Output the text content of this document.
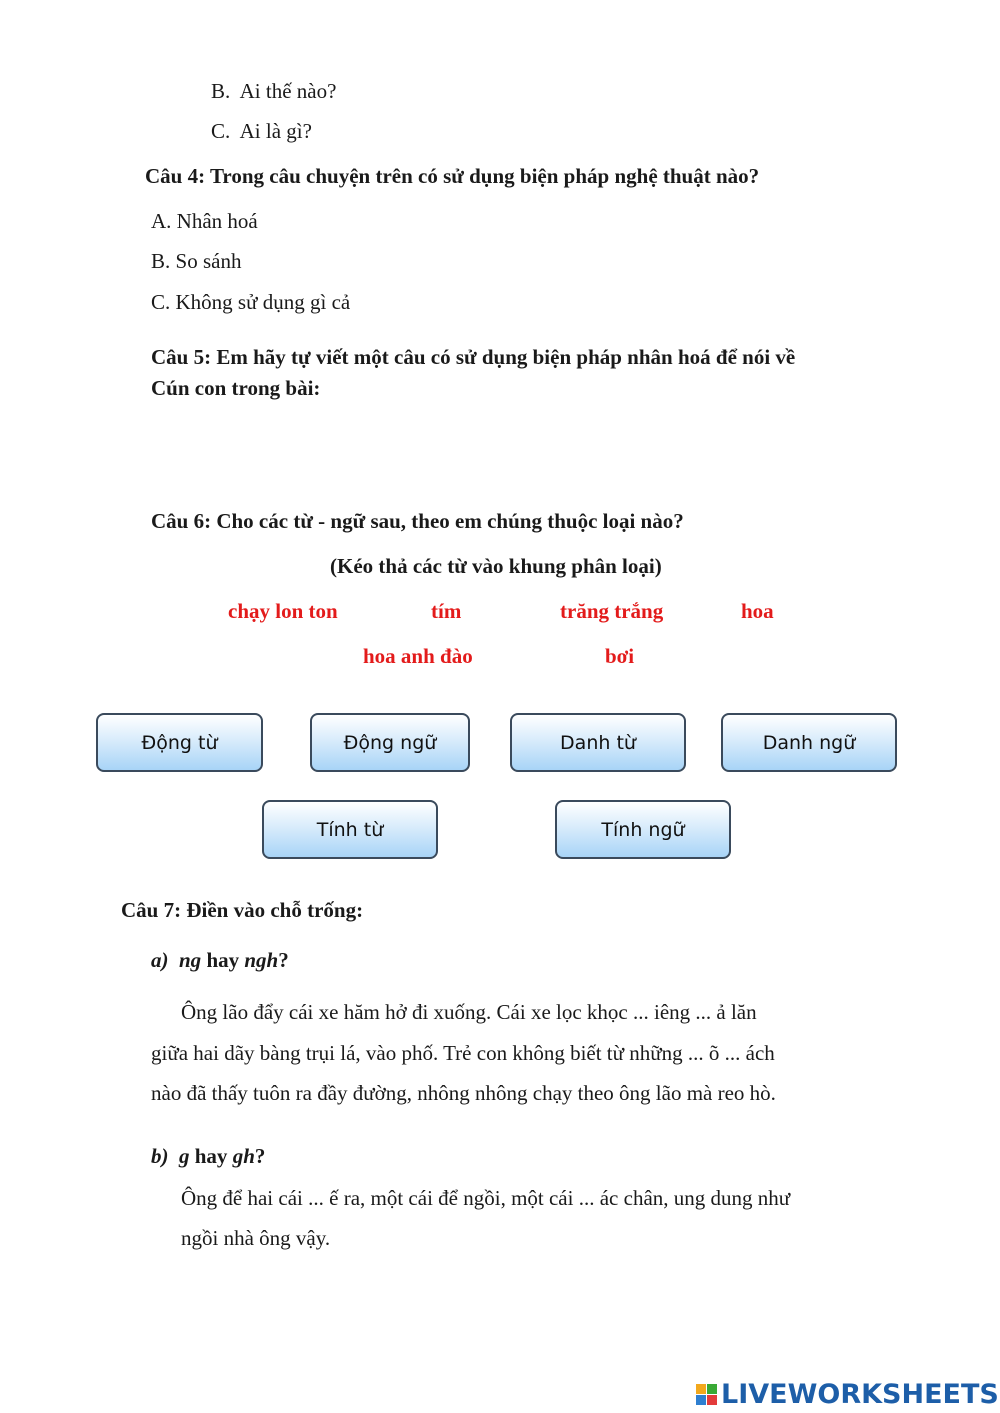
B. Ai thế nào?
C. Ai là gì?
Câu 4: Trong câu chuyện trên có sử dụng biện pháp nghệ thuật nào?
A. Nhân hoá
B. So sánh
C. Không sử dụng gì cả
Câu 5: Em hãy tự viết một câu có sử dụng biện pháp nhân hoá để nói về
Cún con trong bài:
Câu 6: Cho các từ - ngữ sau, theo em chúng thuộc loại nào?
(Kéo thả các từ vào khung phân loại)
chạy lon ton	tím	trăng trắng	hoa
hoa anh đào	bơi
Động từ	Động ngữ	Danh từ	Danh ngữ
Tính từ	Tính ngữ
Câu 7: Điền vào chỗ trống:
a) ng hay ngh?
Ông lão đẩy cái xe hăm hở đi xuống. Cái xe lọc khọc ... iêng ... ả lăn
giữa hai dãy bàng trụi lá, vào phố. Trẻ con không biết từ những ... õ ... ách
nào đã thấy tuôn ra đầy đường, nhông nhông chạy theo ông lão mà reo hò.
b) g hay gh?
Ông để hai cái ... ế ra, một cái để ngồi, một cái ... ác chân, ung dung như
ngồi nhà ông vậy.
LIVEWORKSHEETS
